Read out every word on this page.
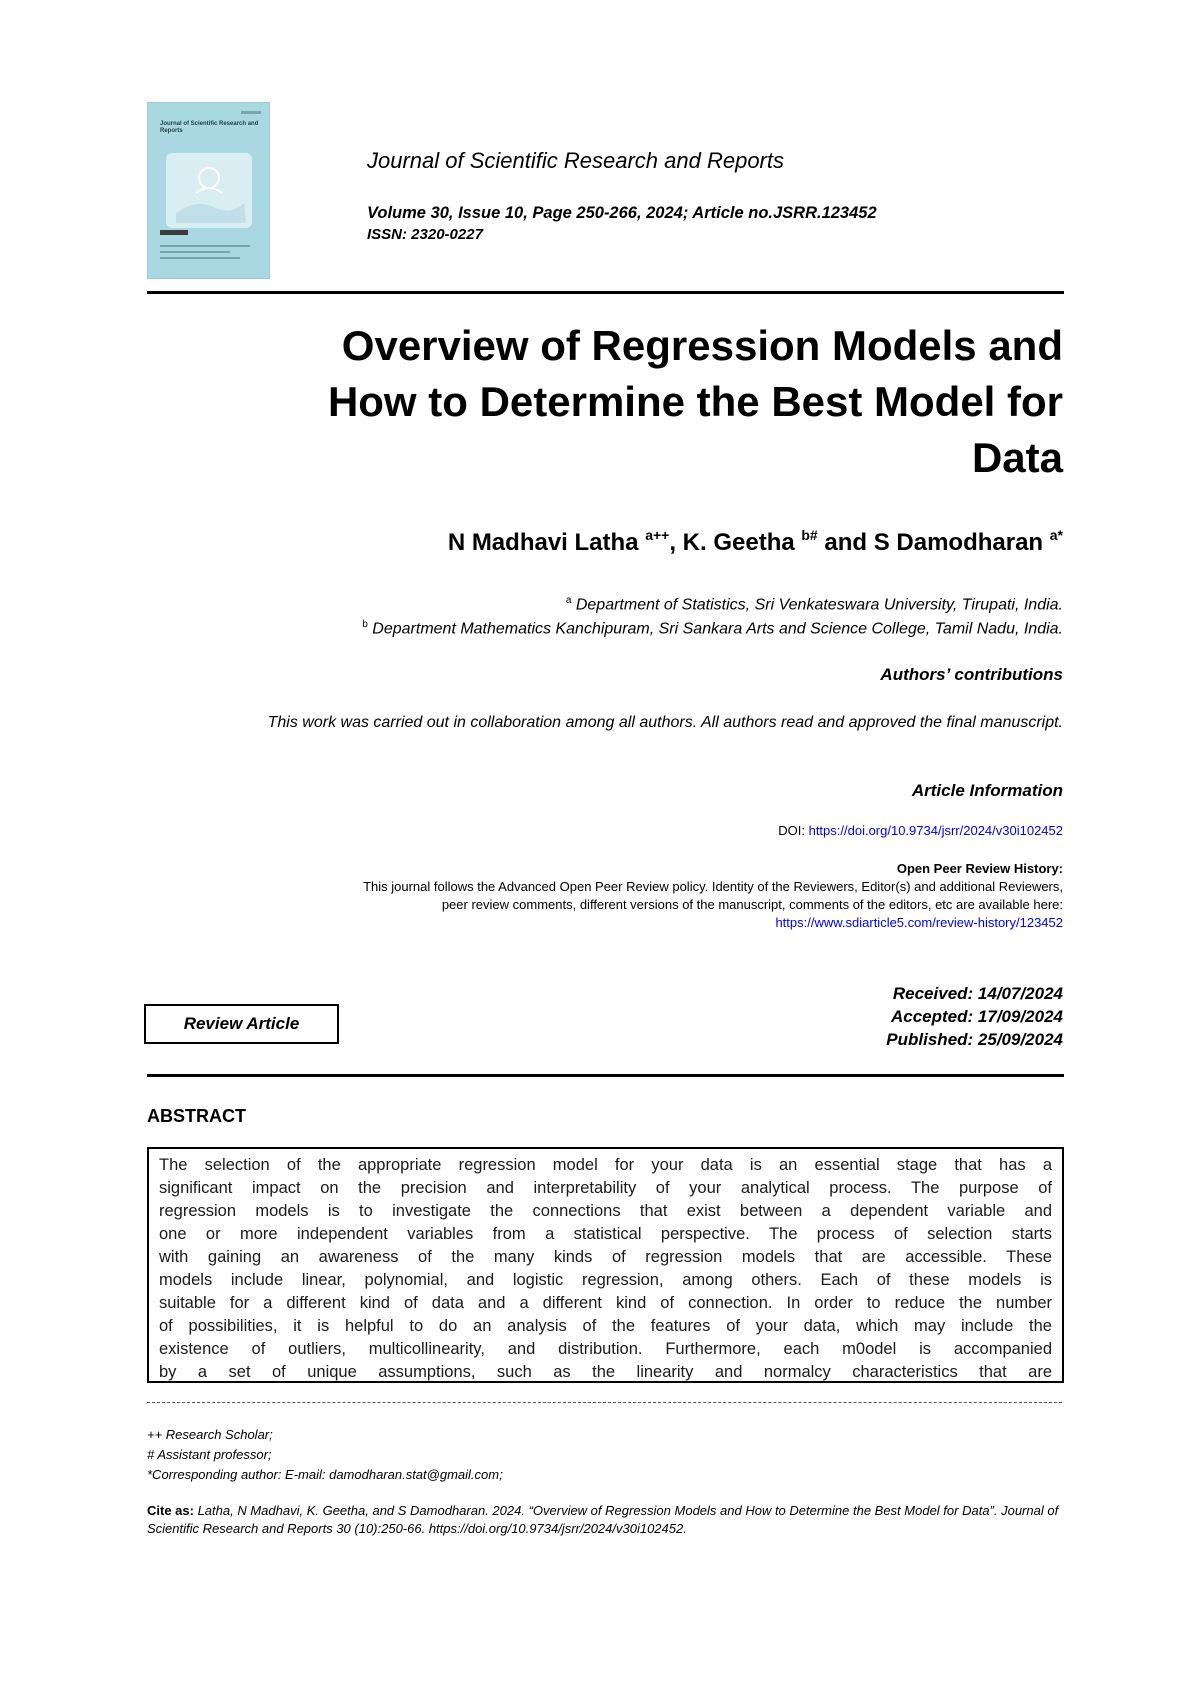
Journal of Scientific Research and Reports
Journal of Scientific Research and Reports
Volume 30, Issue 10, Page 250-266, 2024; Article no.JSRR.123452
ISSN: 2320-0227
Overview of Regression Models and
How to Determine the Best Model for
Data
N Madhavi Latha $^{a++}$, K. Geetha $^{b\#}$ and S Damodharan $^{a*}$
$^a$ Department of Statistics, Sri Venkateswara University, Tirupati, India.
$^b$ Department Mathematics Kanchipuram, Sri Sankara Arts and Science College, Tamil Nadu, India.
Authors’ contributions
This work was carried out in collaboration among all authors. All authors read and approved the final manuscript.
Article Information
DOI: https://doi.org/10.9734/jsrr/2024/v30i102452
Open Peer Review History:
This journal follows the Advanced Open Peer Review policy. Identity of the Reviewers, Editor(s) and additional Reviewers,
peer review comments, different versions of the manuscript, comments of the editors, etc are available here:
https://www.sdiarticle5.com/review-history/123452
Review Article
Received: 14/07/2024
Accepted: 17/09/2024
Published: 25/09/2024
ABSTRACT

The selection of the appropriate regression model for your data is an essential stage that has a

significant impact on the precision and interpretability of your analytical process. The purpose of

regression models is to investigate the connections that exist between a dependent variable and

one or more independent variables from a statistical perspective. The process of selection starts

with gaining an awareness of the many kinds of regression models that are accessible. These

models include linear, polynomial, and logistic regression, among others. Each of these models is

suitable for a different kind of data and a different kind of connection. In order to reduce the number

of possibilities, it is helpful to do an analysis of the features of your data, which may include the

existence of outliers, multicollinearity, and distribution. Furthermore, each m0odel is accompanied

by a set of unique assumptions, such as the linearity and normalcy characteristics that are

++ Research Scholar;
# Assistant professor;
*Corresponding author: E-mail: damodharan.stat@gmail.com;
Cite as: Latha, N Madhavi, K. Geetha, and S Damodharan. 2024. “Overview of Regression Models and How to Determine the Best Model for Data”. Journal of Scientific Research and Reports 30 (10):250-66. https://doi.org/10.9734/jsrr/2024/v30i102452.
